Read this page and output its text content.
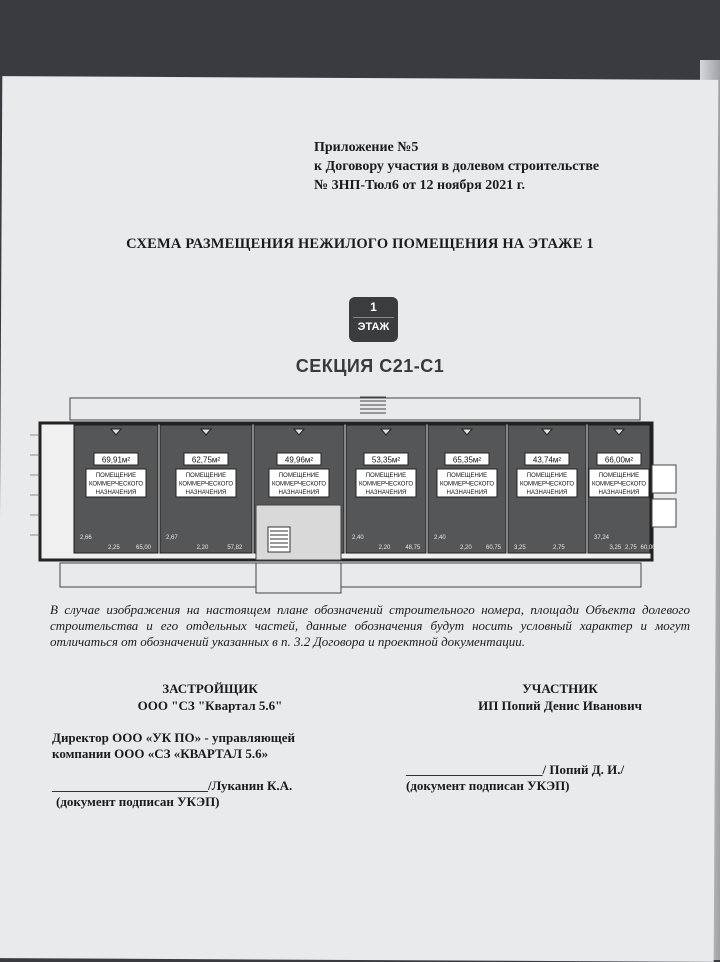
Приложение №5
к Договору участия в долевом строительстве
№ 3НП-Тюл6 от 12 ноября 2021 г.
СХЕМА РАЗМЕЩЕНИЯ НЕЖИЛОГО ПОМЕЩЕНИЯ НА ЭТАЖЕ 1
1
ЭТАЖ
СЕКЦИЯ С21-С1
69,91м²
ПОМЕЩЕНИЕ
КОММЕРЧЕСКОГО
НАЗНАЧЕНИЯ
2,66
2,25	65,00
62,75м²
ПОМЕЩЕНИЕ
КОММЕРЧЕСКОГО
НАЗНАЧЕНИЯ
2,67
2,20	57,82
49,96м²
ПОМЕЩЕНИЕ
КОММЕРЧЕСКОГО
НАЗНАЧЕНИЯ
53,35м²
ПОМЕЩЕНИЕ
КОММЕРЧЕСКОГО
НАЗНАЧЕНИЯ
2,40
2,20 48,75
65,35м²
ПОМЕЩЕНИЕ
КОММЕРЧЕСКОГО
НАЗНАЧЕНИЯ
2,40
2,20 60,75
43,74м²
ПОМЕЩЕНИЕ
КОММЕРЧЕСКОГО
НАЗНАЧЕНИЯ
3,25	2,75
66,00м²
ПОМЕЩЕНИЕ
КОММЕРЧЕСКОГО
НАЗНАЧЕНИЯ
37,24
3,25 2,75 60,00
В случае изображения на настоящем плане обозначений строительного номера, площади Объекта долевого строительства и его отдельных частей, данные обозначения будут носить условный характер и могут отличаться от обозначений указанных в п. 3.2 Договора и проектной документации.
ЗАСТРОЙЩИК
ООО "СЗ "Квартал 5.6"
Директор ООО «УК ПО» - управляющей
компании ООО «СЗ «КВАРТАЛ 5.6»
________________________/Луканин К.А.
(документ подписан УКЭП)
УЧАСТНИК
ИП Попий Денис Иванович
_____________________/ Попий Д. И./
(документ подписан УКЭП)
